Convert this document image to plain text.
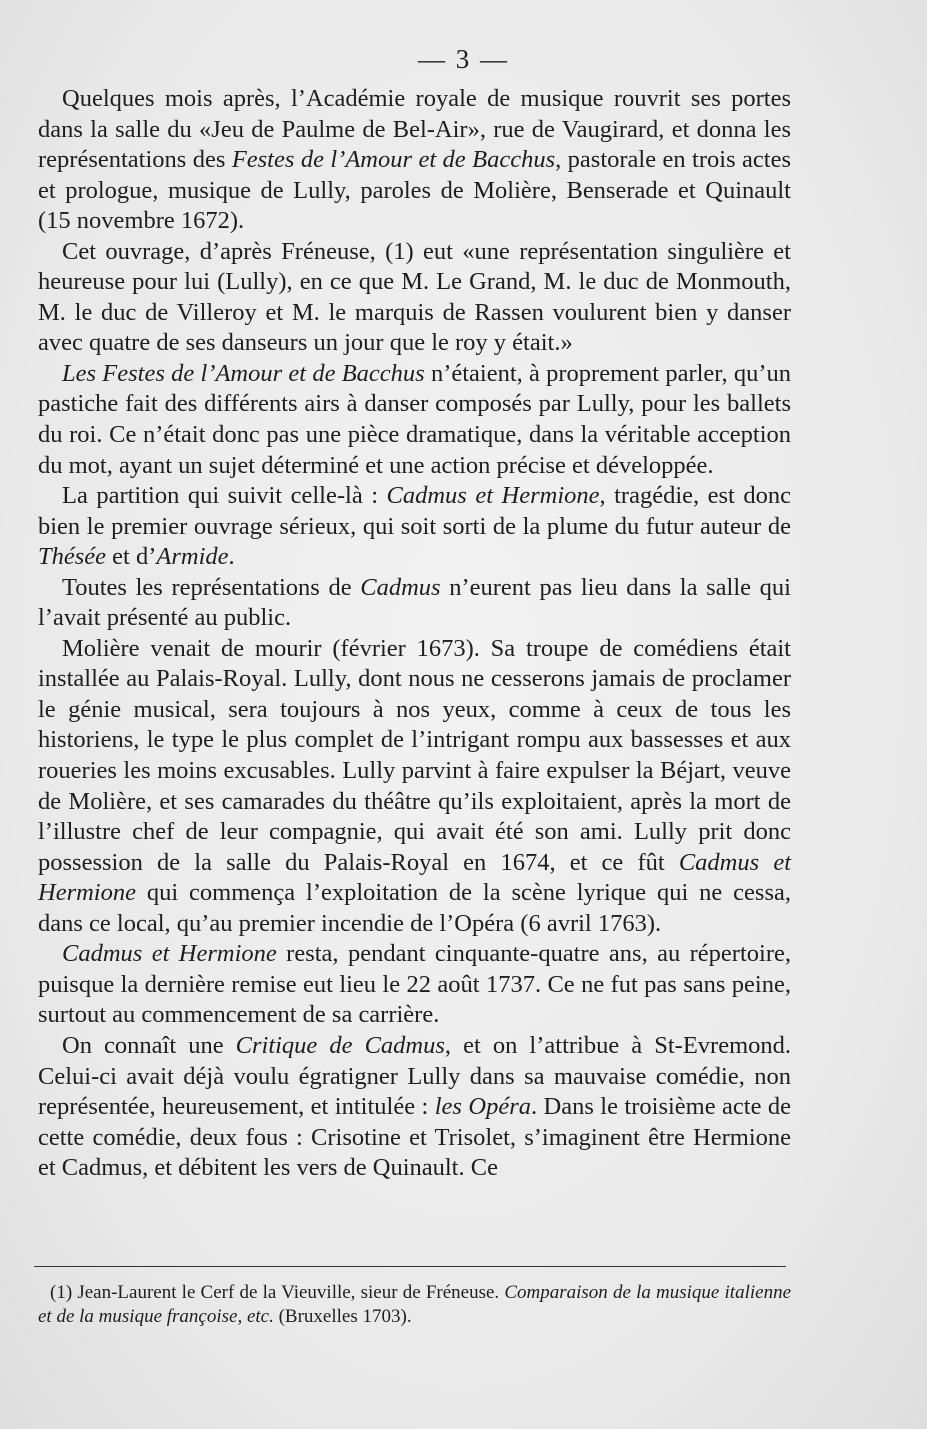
— 3 —

Quelques mois après, l’Académie royale de musique rouvrit ses portes dans la salle du «Jeu de Paulme de Bel-Air», rue de Vaugirard, et donna les représentations des Festes de l’Amour et de Bacchus, pastorale en trois actes et prologue, musique de Lully, paroles de Molière, Benserade et Quinault (15 novembre 1672).

Cet ouvrage, d’après Fréneuse, (1) eut «une représentation singulière et heureuse pour lui (Lully), en ce que M. Le Grand, M. le duc de Monmouth, M. le duc de Villeroy et M. le marquis de Rassen voulurent bien y danser avec quatre de ses danseurs un jour que le roy y était.»

Les Festes de l’Amour et de Bacchus n’étaient, à proprement parler, qu’un pastiche fait des différents airs à danser composés par Lully, pour les ballets du roi. Ce n’était donc pas une pièce dramatique, dans la véritable acception du mot, ayant un sujet déterminé et une action précise et développée.

La partition qui suivit celle-là : Cadmus et Hermione, tragédie, est donc bien le premier ouvrage sérieux, qui soit sorti de la plume du futur auteur de Thésée et d’Armide.

Toutes les représentations de Cadmus n’eurent pas lieu dans la salle qui l’avait présenté au public.

Molière venait de mourir (février 1673). Sa troupe de comédiens était installée au Palais-Royal. Lully, dont nous ne cesserons jamais de proclamer le génie musical, sera toujours à nos yeux, comme à ceux de tous les historiens, le type le plus complet de l’intrigant rompu aux bassesses et aux roueries les moins excusables. Lully parvint à faire expulser la Béjart, veuve de Molière, et ses camarades du théâtre qu’ils exploitaient, après la mort de l’illustre chef de leur compagnie, qui avait été son ami. Lully prit donc possession de la salle du Palais-Royal en 1674, et ce fût Cadmus et Hermione qui commença l’exploitation de la scène lyrique qui ne cessa, dans ce local, qu’au premier incendie de l’Opéra (6 avril 1763).

Cadmus et Hermione resta, pendant cinquante-quatre ans, au répertoire, puisque la dernière remise eut lieu le 22 août 1737. Ce ne fut pas sans peine, surtout au commencement de sa carrière.

On connaît une Critique de Cadmus, et on l’attribue à St-Evremond. Celui-ci avait déjà voulu égratigner Lully dans sa mauvaise comédie, non représentée, heureusement, et intitulée : les Opéra. Dans le troisième acte de cette comédie, deux fous : Crisotine et Trisolet, s’imaginent être Hermione et Cadmus, et débitent les vers de Quinault. Ce

(1) Jean-Laurent le Cerf de la Vieuville, sieur de Fréneuse. Comparaison de la musique italienne et de la musique françoise, etc. (Bruxelles 1703).
